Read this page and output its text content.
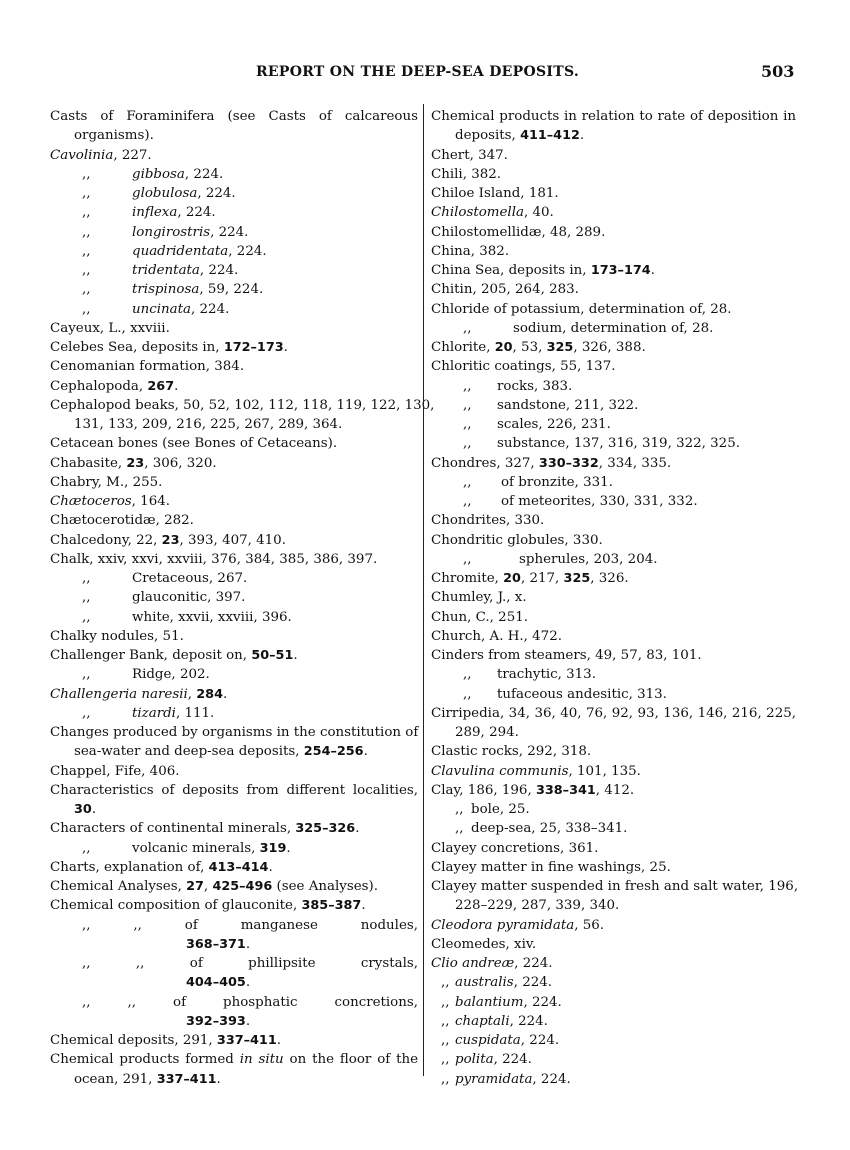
REPORT ON THE DEEP-SEA DEPOSITS.	503
Casts of Foraminifera (see Casts of calcareous
organisms).
Cavolinia, 227.
,,	gibbosa, 224.
,,	globulosa, 224.
,,	inflexa, 224.
,,	longirostris, 224.
,,	quadridentata, 224.
,,	tridentata, 224.
,,	trispinosa, 59, 224.
,,	uncinata, 224.
Cayeux, L., xxviii.
Celebes Sea, deposits in, 172–173.
Cenomanian formation, 384.
Cephalopoda, 267.
Cephalopod beaks, 50, 52, 102, 112, 118, 119, 122, 130,
131, 133, 209, 216, 225, 267, 289, 364.
Cetacean bones (see Bones of Cetaceans).
Chabasite, 23, 306, 320.
Chabry, M., 255.
Chætoceros, 164.
Chætocerotidæ, 282.
Chalcedony, 22, 23, 393, 407, 410.
Chalk, xxiv, xxvi, xxviii, 376, 384, 385, 386, 397.
,,	Cretaceous, 267.
,,	glauconitic, 397.
,,	white, xxvii, xxviii, 396.
Chalky nodules, 51.
Challenger Bank, deposit on, 50–51.
,,	Ridge, 202.
Challengeria naresii, 284.
,,	tizardi, 111.
Changes produced by organisms in the constitution of
sea-water and deep-sea deposits, 254–256.
Chappel, Fife, 406.
Characteristics of deposits from different localities,
30.
Characters of continental minerals, 325–326.
,,	volcanic minerals, 319.
Charts, explanation of, 413–414.
Chemical Analyses, 27, 425–496 (see Analyses).
Chemical composition of glauconite, 385–387.
,, ,, of manganese nodules,
368–371.
,, ,, of phillipsite crystals,
404–405.
,, ,, of phosphatic concretions,
392–393.
Chemical deposits, 291, 337–411.
Chemical products formed in situ on the floor of the
ocean, 291, 337–411.
Chemical products in relation to rate of deposition in
deposits, 411–412.
Chert, 347.
Chili, 382.
Chiloe Island, 181.
Chilostomella, 40.
Chilostomellidæ, 48, 289.
China, 382.
China Sea, deposits in, 173–174.
Chitin, 205, 264, 283.
Chloride of potassium, determination of, 28.
,,	sodium, determination of, 28.
Chlorite, 20, 53, 325, 326, 388.
Chloritic coatings, 55, 137.
,, rocks, 383.
,, sandstone, 211, 322.
,, scales, 226, 231.
,, substance, 137, 316, 319, 322, 325.
Chondres, 327, 330–332, 334, 335.
,, of bronzite, 331.
,, of meteorites, 330, 331, 332.
Chondrites, 330.
Chondritic globules, 330.
,,	spherules, 203, 204.
Chromite, 20, 217, 325, 326.
Chumley, J., x.
Chun, C., 251.
Church, A. H., 472.
Cinders from steamers, 49, 57, 83, 101.
,, trachytic, 313.
,, tufaceous andesitic, 313.
Cirripedia, 34, 36, 40, 76, 92, 93, 136, 146, 216, 225,
289, 294.
Clastic rocks, 292, 318.
Clavulina communis, 101, 135.
Clay, 186, 196, 338–341, 412.
,, bole, 25.
,, deep-sea, 25, 338–341.
Clayey concretions, 361.
Clayey matter in fine washings, 25.
Clayey matter suspended in fresh and salt water, 196,
228–229, 287, 339, 340.
Cleodora pyramidata, 56.
Cleomedes, xiv.
Clio andreæ, 224.
,, australis, 224.
,, balantium, 224.
,, chaptali, 224.
,, cuspidata, 224.
,, polita, 224.
,, pyramidata, 224.
